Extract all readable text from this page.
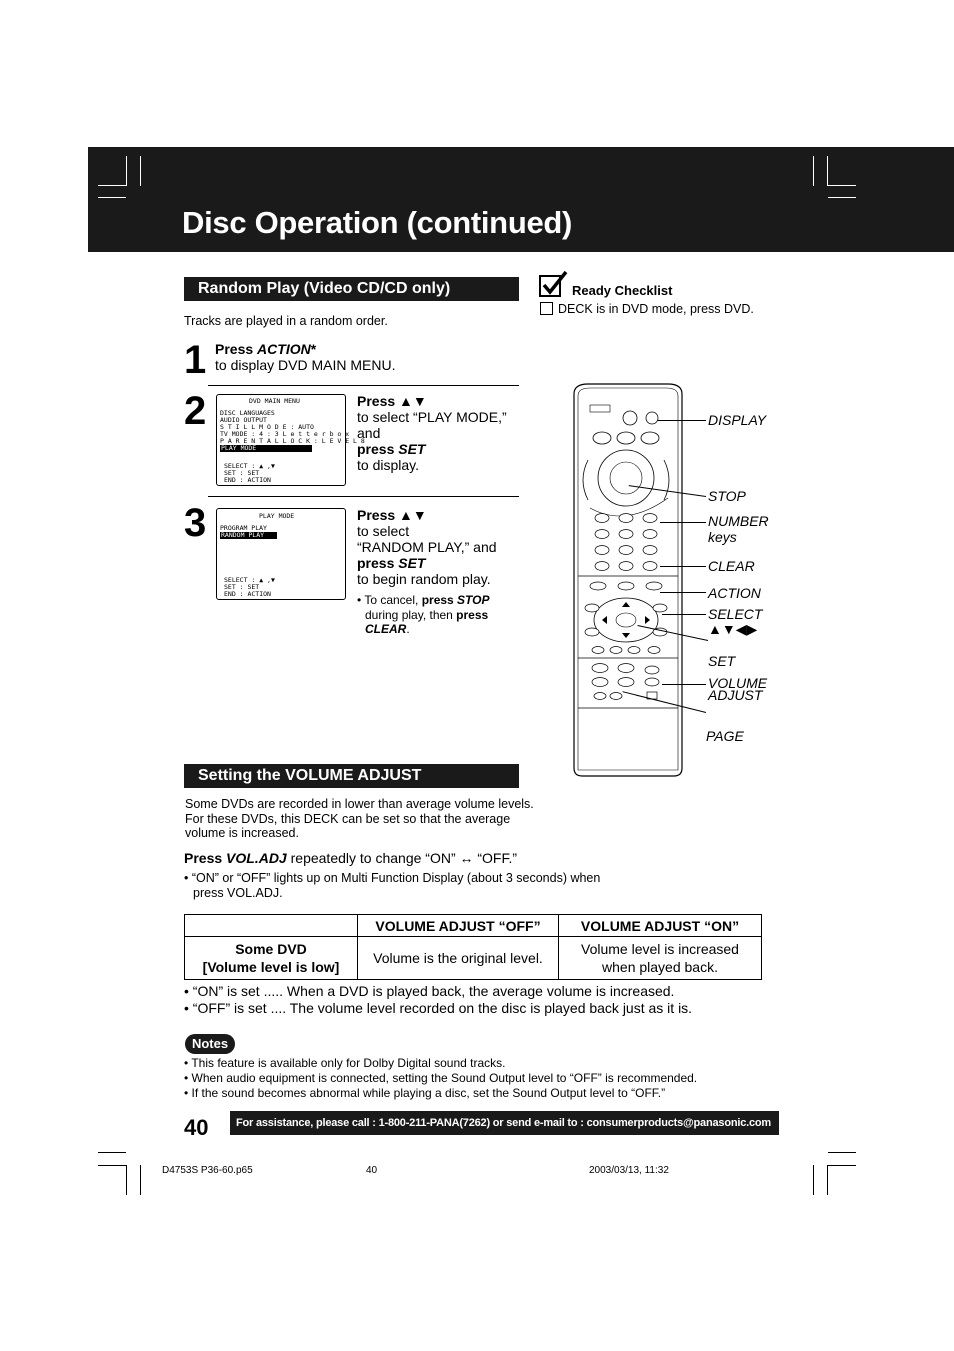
Disc Operation (continued)
Random Play (Video CD/CD only)
Tracks are played in a random order.
1 Press ACTION*
to display DVD MAIN MENU.
2	DVD MAIN MENU
DISC LANGUAGES
AUDIO OUTPUT
S T I L L M O D E : AUTO
TV MODE : 4 : 3 L e t t e r b o x
P A R E N T A L L O C K : L E V E L 8
PLAY MODE
SELECT : ▲ ,▼
SET : SET
END : ACTION
Press ▲▼
to select “PLAY MODE,”
and
press SET
to display.
3	PLAY MODE
PROGRAM PLAY
RANDOM PLAY
SELECT : ▲ ,▼
SET : SET
END : ACTION
Press ▲▼
to select
“RANDOM PLAY,” and
press SET
to begin random play.
• To cancel, press STOP
during play, then press
CLEAR.
Ready Checklist
DECK is in DVD mode, press DVD.
DISPLAY
STOP
NUMBER
keys
CLEAR
ACTION
SELECT
▲▼◀▶
SET
VOLUME
ADJUST
PAGE
Setting the VOLUME ADJUST
Some DVDs are recorded in lower than average volume levels.
For these DVDs, this DECK can be set so that the average
volume is increased.
Press VOL.ADJ repeatedly to change “ON” ↔ “OFF.”
• “ON” or “OFF” lights up on Multi Function Display (about 3 seconds) when
press VOL.ADJ.
	VOLUME ADJUST “OFF”	VOLUME ADJUST “ON”
Some DVD
[Volume level is low]	Volume is the original level.	Volume level is increased
when played back.
• “ON” is set ..... When a DVD is played back, the average volume is increased.
• “OFF” is set .... The volume level recorded on the disc is played back just as it is.
Notes
• This feature is available only for Dolby Digital sound tracks.
• When audio equipment is connected, setting the Sound Output level to “OFF” is recommended.
• If the sound becomes abnormal while playing a disc, set the Sound Output level to “OFF.”
40	For assistance, please call : 1-800-211-PANA(7262) or send e-mail to : consumerproducts@panasonic.com
D4753S P36-60.p65	40	2003/03/13, 11:32
